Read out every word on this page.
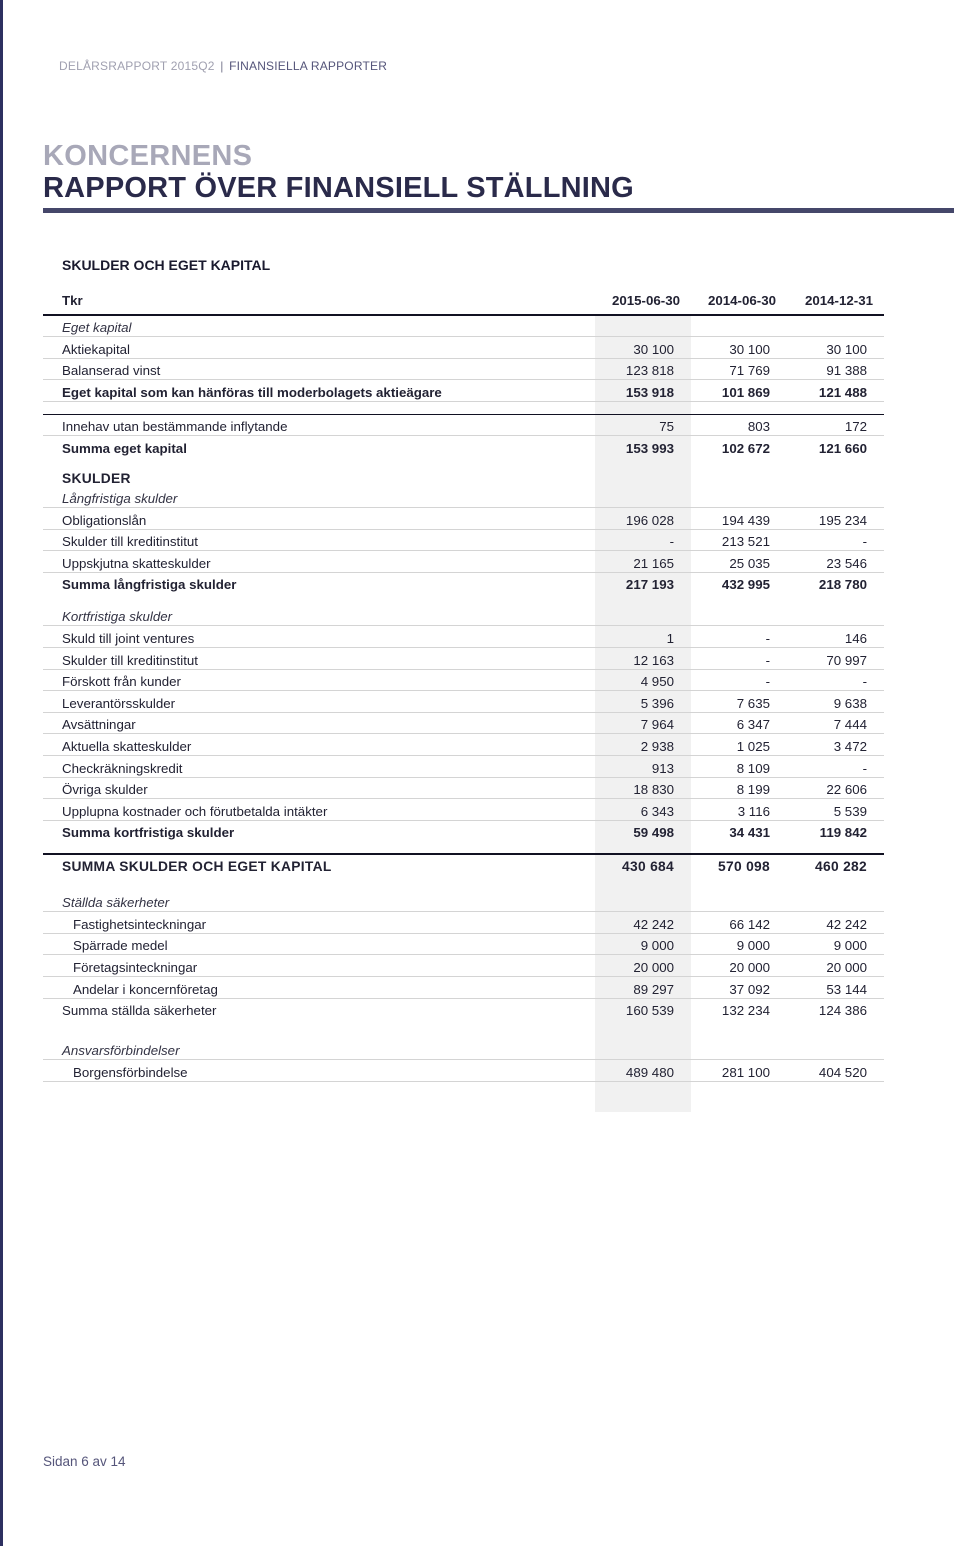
DELÅRSRAPPORT 2015Q2 | FINANSIELLA RAPPORTER
KONCERNENS
RAPPORT ÖVER FINANSIELL STÄLLNING
SKULDER OCH EGET KAPITAL
Tkr	2015-06-30	2014-06-30	2014-12-31
Eget kapital			
Aktiekapital	30 100	30 100	30 100
Balanserad vinst	123 818	71 769	91 388
Eget kapital som kan hänföras till moderbolagets aktieägare	153 918	101 869	121 488

Innehav utan bestämmande inflytande	75	803	172
Summa eget kapital	153 993	102 672	121 660
SKULDER			
Långfristiga skulder			
Obligationslån	196 028	194 439	195 234
Skulder till kreditinstitut	-	213 521	-
Uppskjutna skatteskulder	21 165	25 035	23 546
Summa långfristiga skulder	217 193	432 995	218 780

Kortfristiga skulder			
Skuld till joint ventures	1	-	146
Skulder till kreditinstitut	12 163	-	70 997
Förskott från kunder	4 950	-	-
Leverantörsskulder	5 396	7 635	9 638
Avsättningar	7 964	6 347	7 444
Aktuella skatteskulder	2 938	1 025	3 472
Checkräkningskredit	913	8 109	-
Övriga skulder	18 830	8 199	22 606
Upplupna kostnader och förutbetalda intäkter	6 343	3 116	5 539
Summa kortfristiga skulder	59 498	34 431	119 842

SUMMA SKULDER OCH EGET KAPITAL	430 684	570 098	460 282

Ställda säkerheter			
Fastighetsinteckningar	42 242	66 142	42 242
Spärrade medel	9 000	9 000	9 000
Företagsinteckningar	20 000	20 000	20 000
Andelar i koncernföretag	89 297	37 092	53 144
Summa ställda säkerheter	160 539	132 234	124 386

Ansvarsförbindelser			
Borgensförbindelse	489 480	281 100	404 520
Sidan 6 av 14
